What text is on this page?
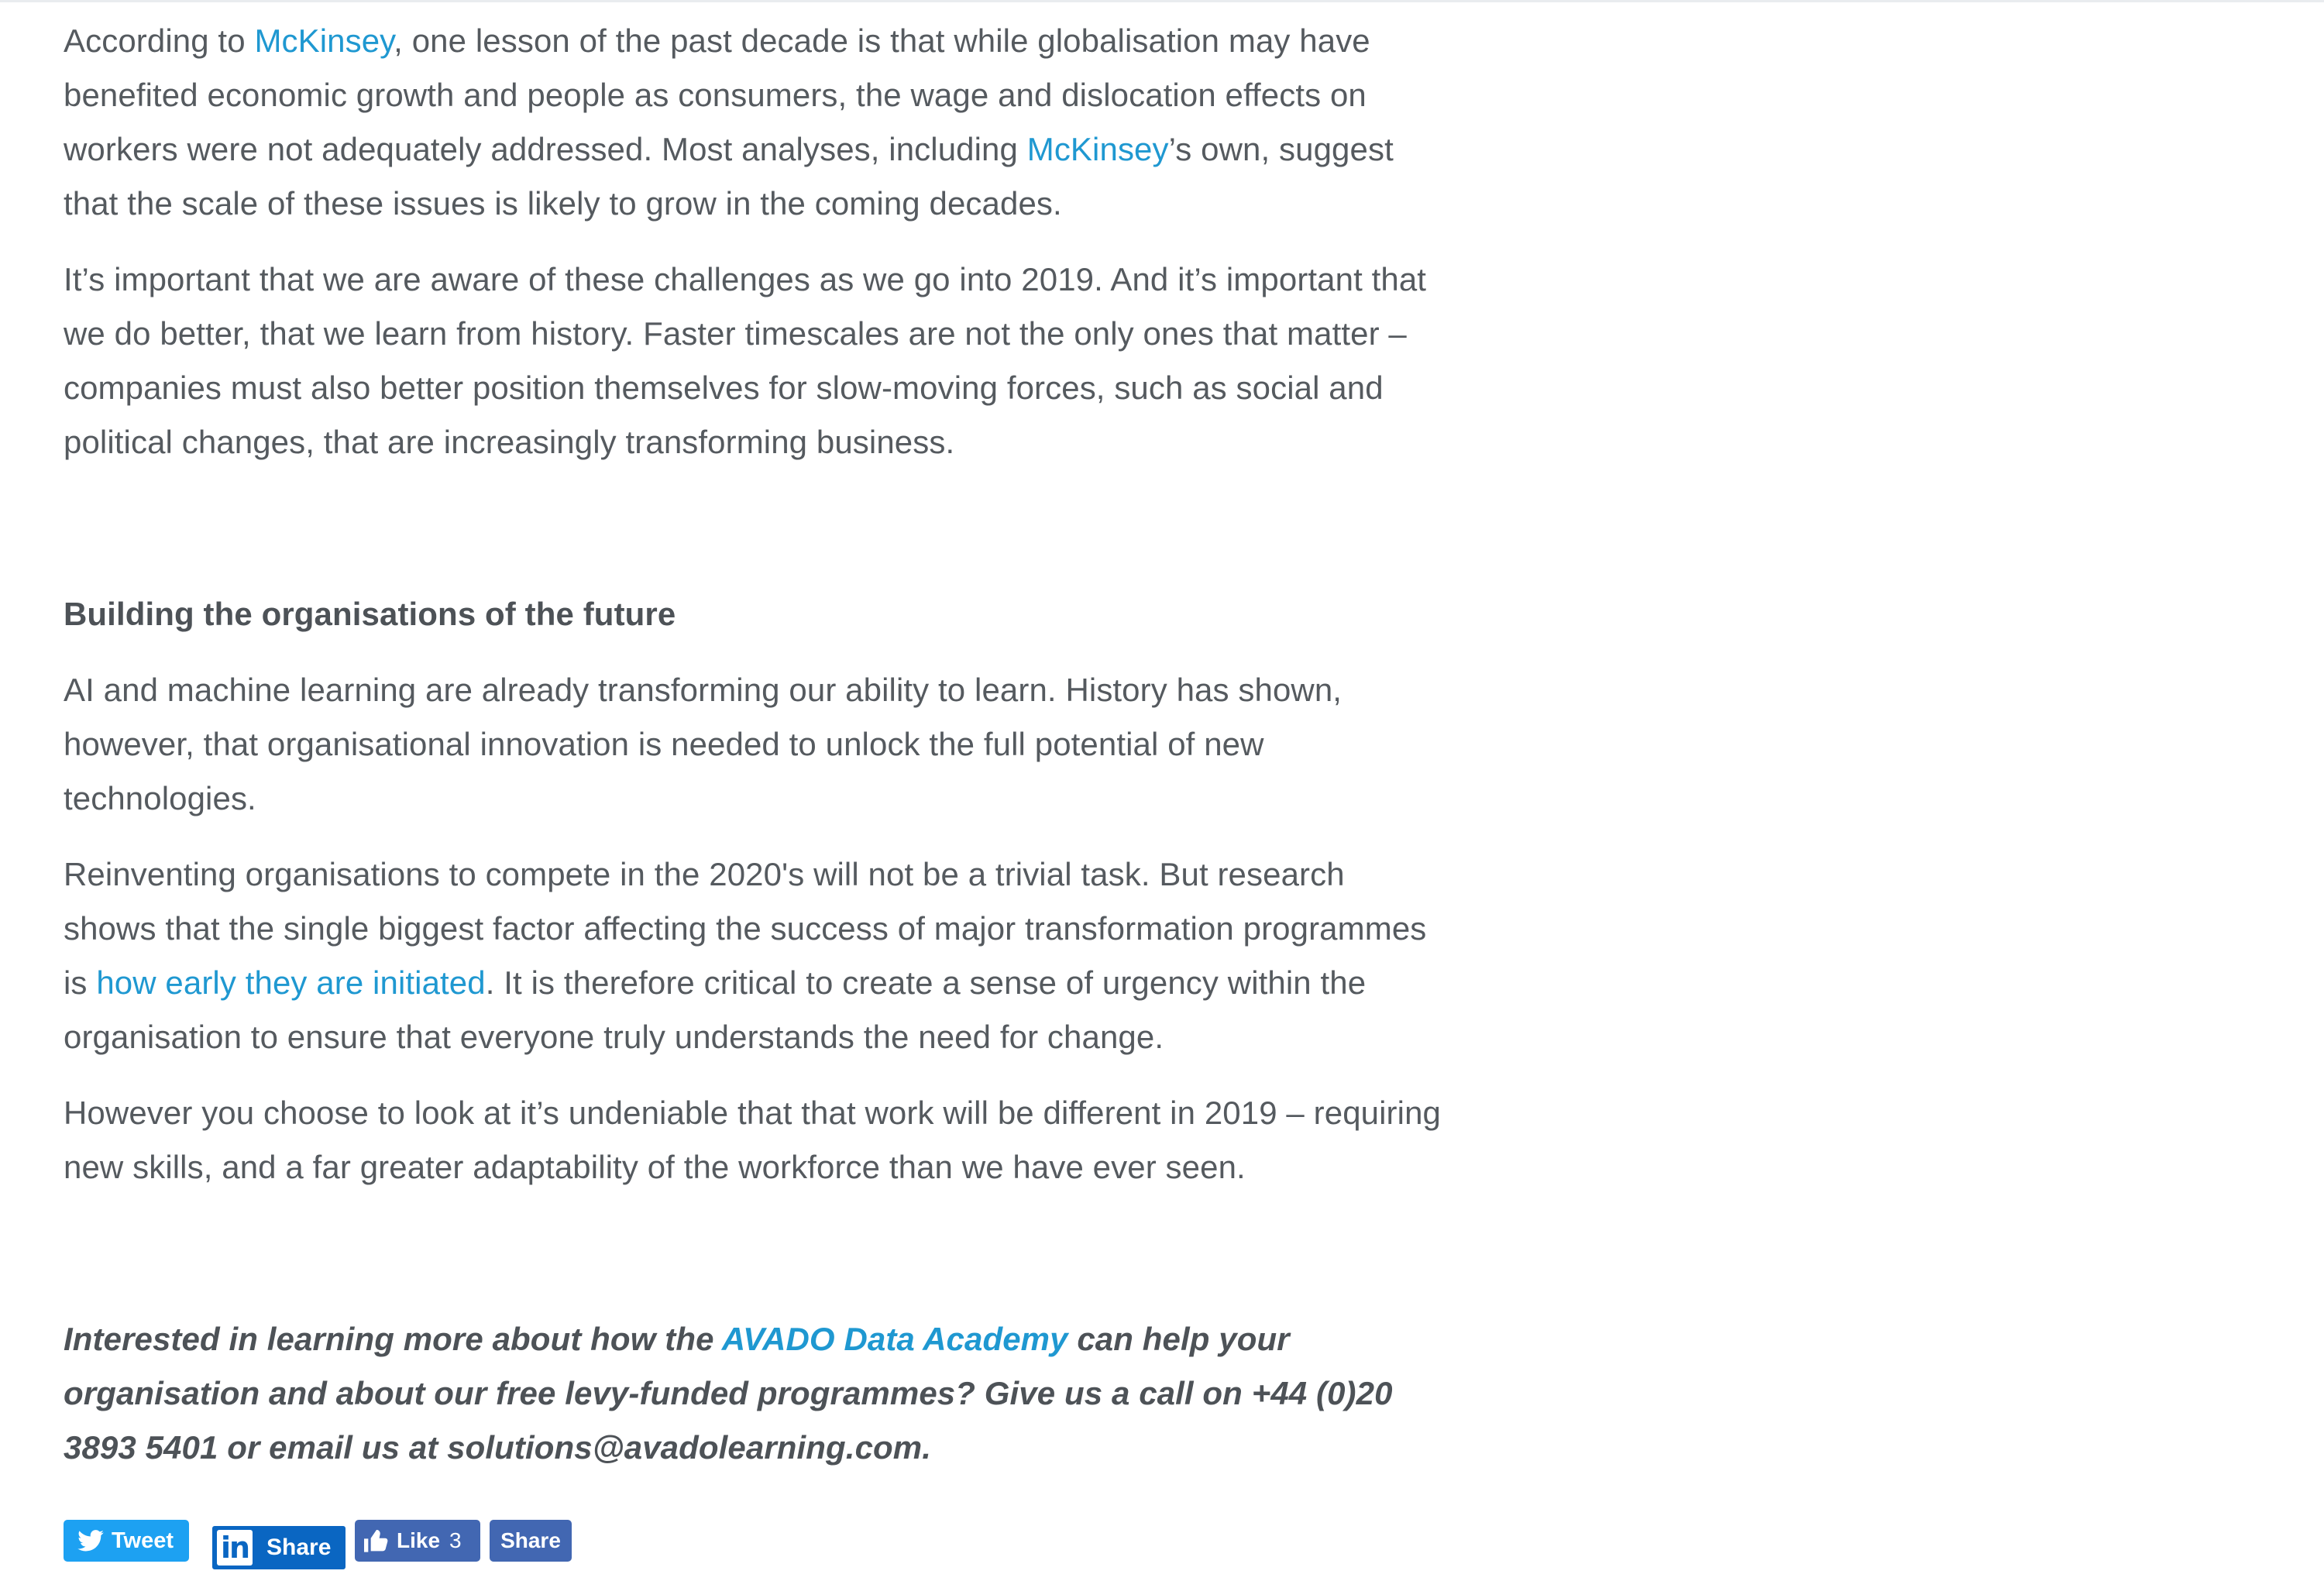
According to McKinsey, one lesson of the past decade is that while globalisation may have benefited economic growth and people as consumers, the wage and dislocation effects on workers were not adequately addressed. Most analyses, including McKinsey’s own, suggest that the scale of these issues is likely to grow in the coming decades.

It’s important that we are aware of these challenges as we go into 2019. And it’s important that we do better, that we learn from history. Faster timescales are not the only ones that matter – companies must also better position themselves for slow-moving forces, such as social and political changes, that are increasingly transforming business.

Building the organisations of the future

AI and machine learning are already transforming our ability to learn. History has shown, however, that organisational innovation is needed to unlock the full potential of new technologies.

Reinventing organisations to compete in the 2020's will not be a trivial task. But research shows that the single biggest factor affecting the success of major transformation programmes is how early they are initiated. It is therefore critical to create a sense of urgency within the organisation to ensure that everyone truly understands the need for change.

However you choose to look at it’s undeniable that that work will be different in 2019 – requiring new skills, and a far greater adaptability of the workforce than we have ever seen.

Interested in learning more about how the AVADO Data Academy can help your organisation and about our free levy-funded programmes? Give us a call on +44 (0)20 3893 5401 or email us at solutions@avadolearning.com.

Tweet in Share	Like 3 Share
